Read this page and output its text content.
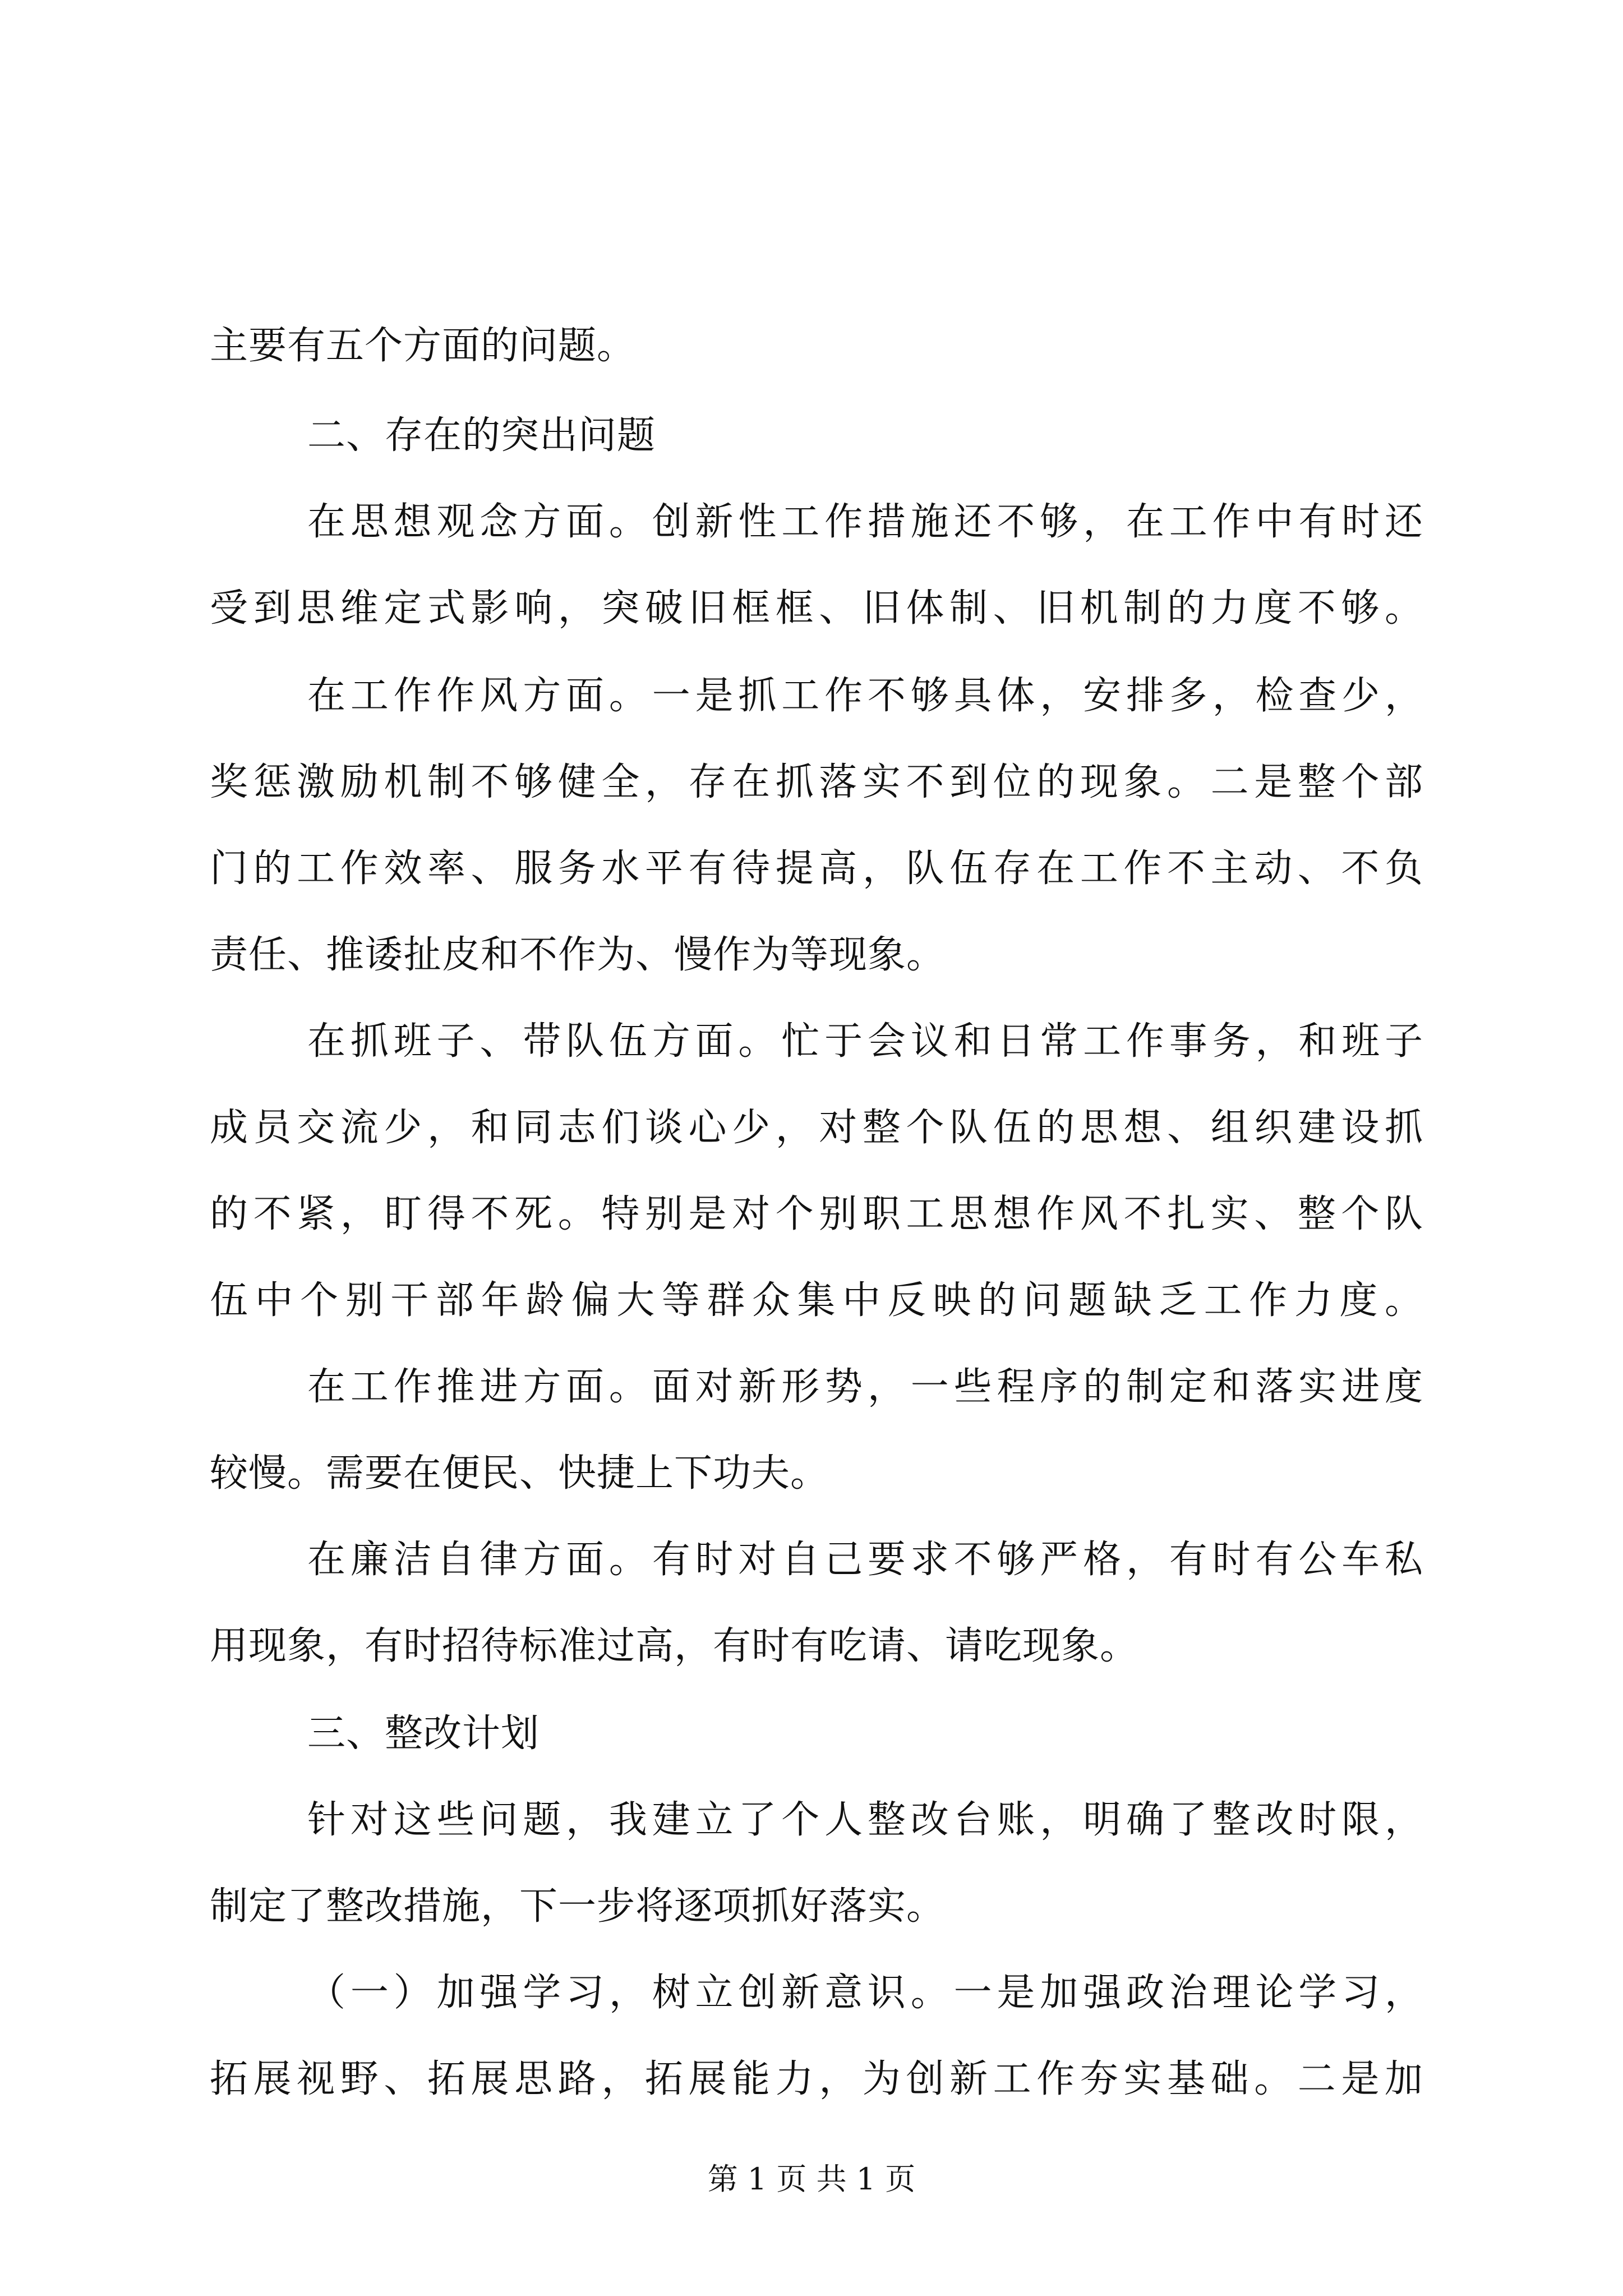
主要有五个方面的问题。
二、存在的突出问题
在思想观念方面。创新性工作措施还不够，在工作中有时还
受到思维定式影响，突破旧框框、旧体制、旧机制的力度不够。
在工作作风方面。一是抓工作不够具体，安排多，检查少，
奖惩激励机制不够健全，存在抓落实不到位的现象。二是整个部
门的工作效率、服务水平有待提高，队伍存在工作不主动、不负
责任、推诿扯皮和不作为、慢作为等现象。
在抓班子、带队伍方面。忙于会议和日常工作事务，和班子
成员交流少，和同志们谈心少，对整个队伍的思想、组织建设抓
的不紧，盯得不死。特别是对个别职工思想作风不扎实、整个队
伍中个别干部年龄偏大等群众集中反映的问题缺乏工作力度。
在工作推进方面。面对新形势，一些程序的制定和落实进度
较慢。需要在便民、快捷上下功夫。
在廉洁自律方面。有时对自己要求不够严格，有时有公车私
用现象，有时招待标准过高，有时有吃请、请吃现象。
三、整改计划
针对这些问题，我建立了个人整改台账，明确了整改时限，
制定了整改措施，下一步将逐项抓好落实。
（一）加强学习，树立创新意识。一是加强政治理论学习，
拓展视野、拓展思路，拓展能力，为创新工作夯实基础。二是加
第 1 页 共 1 页
